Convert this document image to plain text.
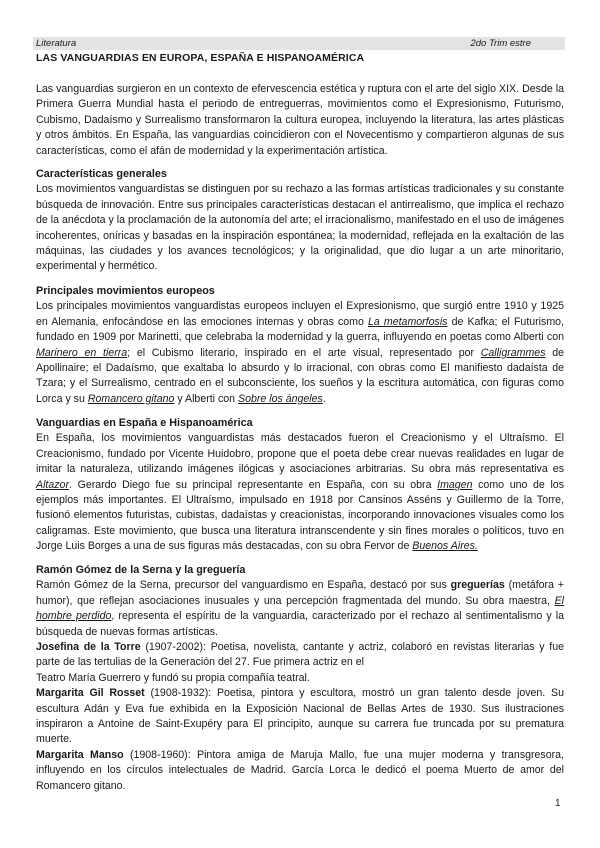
Literatura	2do Trim estre
LAS VANGUARDIAS EN EUROPA, ESPAÑA E HISPANOAMÉRICA

Las vanguardias surgieron en un contexto de efervescencia estética y ruptura con el arte del siglo XIX. Desde la Primera Guerra Mundial hasta el periodo de entreguerras, movimientos como el Expresionismo, Futurismo, Cubismo, Dadaísmo y Surrealismo transformaron la cultura europea, incluyendo la literatura, las artes plásticas y otros ámbitos. En España, las vanguardias coincidieron con el Novecentismo y compartieron algunas de sus características, como el afán de modernidad y la experimentación artística.

Características generales

Los movimientos vanguardistas se distinguen por su rechazo a las formas artísticas tradicionales y su constante búsqueda de innovación. Entre sus principales características destacan el antirrealismo, que implica el rechazo de la anécdota y la proclamación de la autonomía del arte; el irracionalismo, manifestado en el uso de imágenes incoherentes, oníricas y basadas en la inspiración espontánea; la modernidad, reflejada en la exaltación de las máquinas, las ciudades y los avances tecnológicos; y la originalidad, que dio lugar a un arte minoritario, experimental y hermético.

Principales movimientos europeos

Los principales movimientos vanguardistas europeos incluyen el Expresionismo, que surgió entre 1910 y 1925 en Alemania, enfocándose en las emociones internas y obras como La metamorfosis de Kafka; el Futurismo, fundado en 1909 por Marinetti, que celebraba la modernidad y la guerra, influyendo en poetas como Alberti con Marinero en tierra; el Cubismo literario, inspirado en el arte visual, representado por Calligrammes de Apollinaire; el Dadaísmo, que exaltaba lo absurdo y lo irracional, con obras como El manifiesto dadaísta de Tzara; y el Surrealismo, centrado en el subconsciente, los sueños y la escritura automática, con figuras como Lorca y su Romancero gitano y Alberti con Sobre los ángeles.

Vanguardias en España e Hispanoamérica

En España, los movimientos vanguardistas más destacados fueron el Creacionismo y el Ultraísmo. El Creacionismo, fundado por Vicente Huidobro, propone que el poeta debe crear nuevas realidades en lugar de imitar la naturaleza, utilizando imágenes ilógicas y asociaciones arbitrarias. Su obra más representativa es Altazor. Gerardo Diego fue su principal representante en España, con su obra Imagen como uno de los ejemplos más importantes. El Ultraísmo, impulsado en 1918 por Cansinos Asséns y Guillermo de la Torre, fusionó elementos futuristas, cubistas, dadaístas y creacionistas, incorporando innovaciones visuales como los caligramas. Este movimiento, que busca una literatura intranscendente y sin fines morales o políticos, tuvo en Jorge Luis Borges a una de sus figuras más destacadas, con su obra Fervor de Buenos Aires.

Ramón Gómez de la Serna y la greguería

Ramón Gómez de la Serna, precursor del vanguardismo en España, destacó por sus greguerías (metáfora + humor), que reflejan asociaciones inusuales y una percepción fragmentada del mundo. Su obra maestra, El hombre perdido, representa el espíritu de la vanguardia, caracterizado por el rechazo al sentimentalismo y la búsqueda de nuevas formas artísticas.

Josefina de la Torre (1907-2002): Poetisa, novelista, cantante y actriz, colaboró en revistas literarias y fue parte de las tertulias de la Generación del 27. Fue primera actriz en el

Teatro María Guerrero y fundó su propia compañía teatral.

Margarita Gil Rosset (1908-1932): Poetisa, pintora y escultora, mostró un gran talento desde joven. Su escultura Adán y Eva fue exhibida en la Exposición Nacional de Bellas Artes de 1930. Sus ilustraciones inspiraron a Antoine de Saint-Exupéry para El principito, aunque su carrera fue truncada por su prematura muerte.

Margarita Manso (1908-1960): Pintora amiga de Maruja Mallo, fue una mujer moderna y transgresora, influyendo en los círculos intelectuales de Madrid. García Lorca le dedicó el poema Muerto de amor del Romancero gitano.

1
